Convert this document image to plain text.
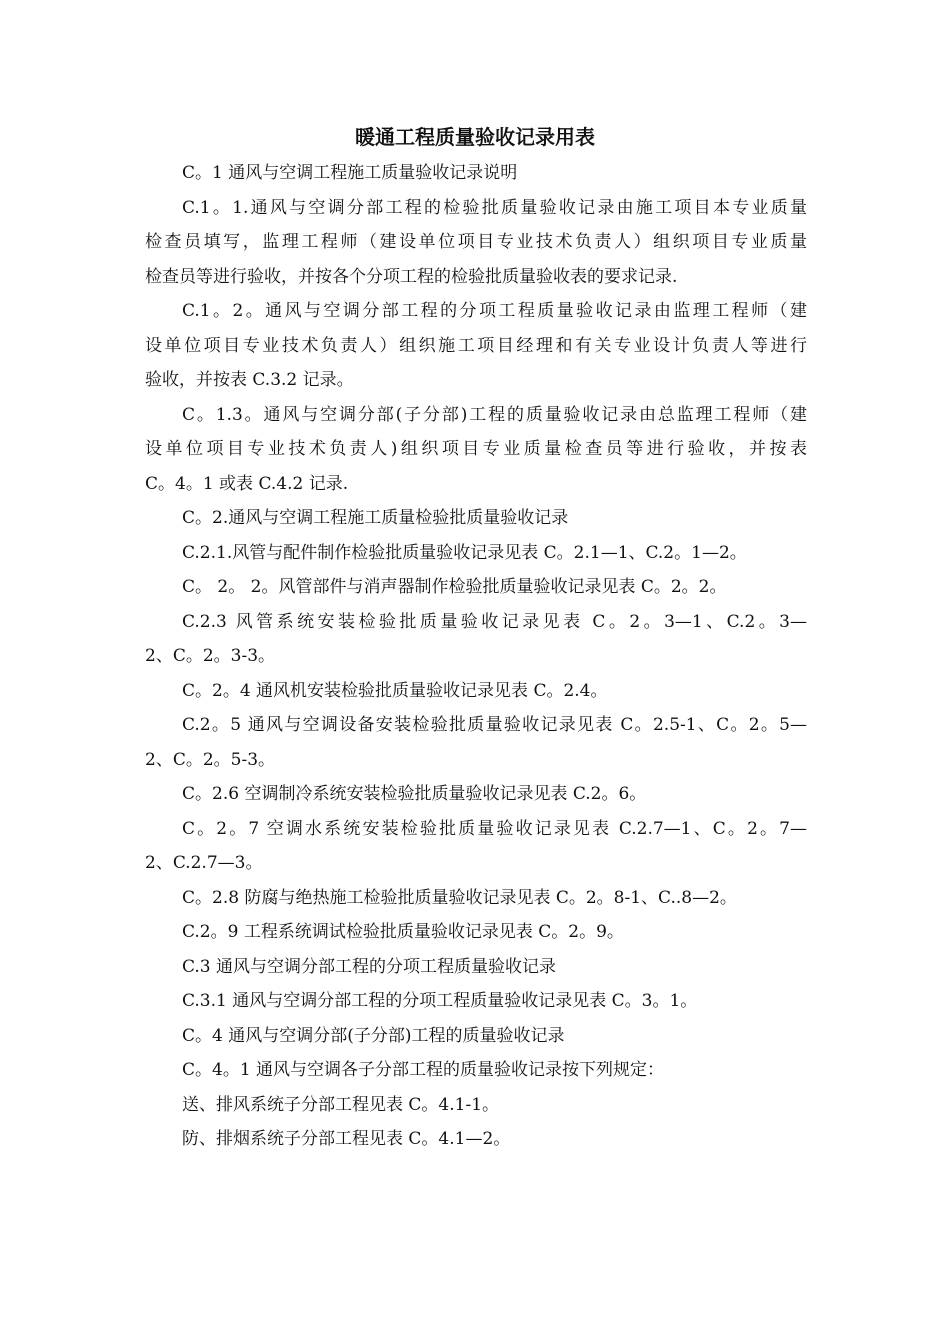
暖通工程质量验收记录用表
C。1 通风与空调工程施工质量验收记录说明
C.1。1.通风与空调分部工程的检验批质量验收记录由施工项目本专业质量
检查员填写，监理工程师（建设单位项目专业技术负责人）组织项目专业质量
检查员等进行验收，并按各个分项工程的检验批质量验收表的要求记录.
C.1。2。通风与空调分部工程的分项工程质量验收记录由监理工程师（建
设单位项目专业技术负责人）组织施工项目经理和有关专业设计负责人等进行
验收，并按表 C.3.2 记录。
C。1.3。通风与空调分部(子分部)工程的质量验收记录由总监理工程师（建
设单位项目专业技术负责人)组织项目专业质量检查员等进行验收，并按表
C。4。1 或表 C.4.2 记录.
C。2.通风与空调工程施工质量检验批质量验收记录
C.2.1.风管与配件制作检验批质量验收记录见表 C。2.1—1、C.2。1—2。
C。 2。 2。风管部件与消声器制作检验批质量验收记录见表 C。2。2。
C.2.3 风管系统安装检验批质量验收记录见表 C。2。3—1、C.2。3—
2、C。2。3-3。
C。2。4 通风机安装检验批质量验收记录见表 C。2.4。
C.2。5 通风与空调设备安装检验批质量验收记录见表 C。2.5-1、C。2。5—
2、C。2。5-3。
C。2.6 空调制冷系统安装检验批质量验收记录见表 C.2。6。
C。2。7 空调水系统安装检验批质量验收记录见表 C.2.7—1、C。2。7—
2、C.2.7—3。
C。2.8 防腐与绝热施工检验批质量验收记录见表 C。2。8-1、C..8—2。
C.2。9 工程系统调试检验批质量验收记录见表 C。2。9。
C.3 通风与空调分部工程的分项工程质量验收记录
C.3.1 通风与空调分部工程的分项工程质量验收记录见表 C。3。1。
C。4 通风与空调分部(子分部)工程的质量验收记录
C。4。1 通风与空调各子分部工程的质量验收记录按下列规定：
送、排风系统子分部工程见表 C。4.1-1。
防、排烟系统子分部工程见表 C。4.1—2。
